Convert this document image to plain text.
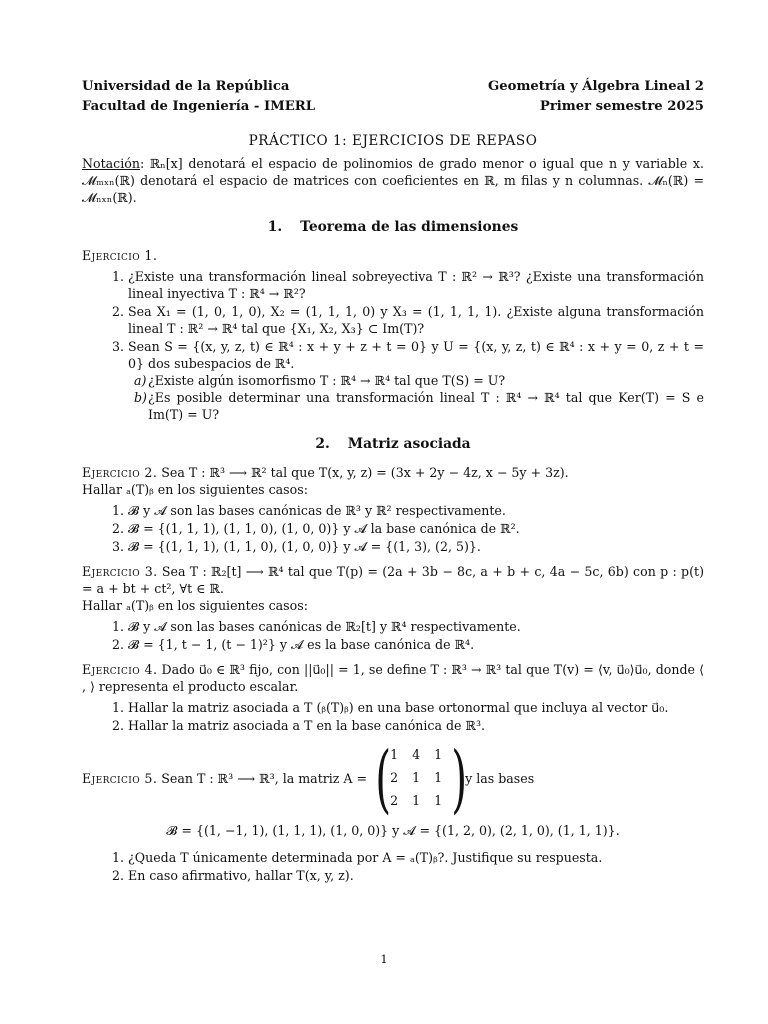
Universidad de la República	Geometría y Álgebra Lineal 2
Facultad de Ingeniería - IMERL	Primer semestre 2025
PRÁCTICO 1: EJERCICIOS DE REPASO

Notación: ℝₙ[x] denotará el espacio de polinomios de grado menor o igual que n y variable x. 𝓜ₘₓₙ(ℝ) denotará el espacio de matrices con coeficientes en ℝ, m filas y n columnas. 𝓜ₙ(ℝ) = 𝓜ₙₓₙ(ℝ).

1. Teorema de las dimensiones
Ejercicio 1.
1. ¿Existe una transformación lineal sobreyectiva T : ℝ² → ℝ³? ¿Existe una transformación lineal inyectiva T : ℝ⁴ → ℝ²?
2. Sea X₁ = (1, 0, 1, 0), X₂ = (1, 1, 1, 0) y X₃ = (1, 1, 1, 1). ¿Existe alguna transformación lineal T : ℝ² → ℝ⁴ tal que {X₁, X₂, X₃} ⊂ Im(T)?
3. Sean S = {(x, y, z, t) ∈ ℝ⁴ : x + y + z + t = 0} y U = {(x, y, z, t) ∈ ℝ⁴ : x + y = 0, z + t = 0} dos subespacios de ℝ⁴.
a) ¿Existe algún isomorfismo T : ℝ⁴ → ℝ⁴ tal que T(S) = U?
b) ¿Es posible determinar una transformación lineal T : ℝ⁴ → ℝ⁴ tal que Ker(T) = S e Im(T) = U?
2. Matriz asociada

Ejercicio 2. Sea T : ℝ³ ⟶ ℝ² tal que T(x, y, z) = (3x + 2y − 4z, x − 5y + 3z).

Hallar ₐ(T)ᵦ en los siguientes casos:

1. 𝓑 y 𝓐 son las bases canónicas de ℝ³ y ℝ² respectivamente.
2. 𝓑 = {(1, 1, 1), (1, 1, 0), (1, 0, 0)} y 𝓐 la base canónica de ℝ².
3. 𝓑 = {(1, 1, 1), (1, 1, 0), (1, 0, 0)} y 𝓐 = {(1, 3), (2, 5)}.

Ejercicio 3. Sea T : ℝ₂[t] ⟶ ℝ⁴ tal que T(p) = (2a + 3b − 8c, a + b + c, 4a − 5c, 6b) con p : p(t) = a + bt + ct², ∀t ∈ ℝ.

Hallar ₐ(T)ᵦ en los siguientes casos:

1. 𝓑 y 𝓐 son las bases canónicas de ℝ₂[t] y ℝ⁴ respectivamente.
2. 𝓑 = {1, t − 1, (t − 1)²} y 𝓐 es la base canónica de ℝ⁴.

Ejercicio 4. Dado u⃗₀ ∈ ℝ³ fijo, con ||u⃗₀|| = 1, se define T : ℝ³ → ℝ³ tal que T(v) = ⟨v, u⃗₀⟩u⃗₀, donde ⟨ , ⟩ representa el producto escalar.

1. Hallar la matriz asociada a T (ᵦ(T)ᵦ) en una base ortonormal que incluya al vector u⃗₀.
2. Hallar la matriz asociada a T en la base canónica de ℝ³.
Ejercicio 5.
Sean T : ℝ³ ⟶ ℝ³, la matriz A = (
1	4	1
2	1	1
2	1	1 )
y las bases
𝓑 = {(1, −1, 1), (1, 1, 1), (1, 0, 0)} y 𝓐 = {(1, 2, 0), (2, 1, 0), (1, 1, 1)}.
1. ¿Queda T únicamente determinada por A = ₐ(T)ᵦ?. Justifique su respuesta.
2. En caso afirmativo, hallar T(x, y, z).
1
